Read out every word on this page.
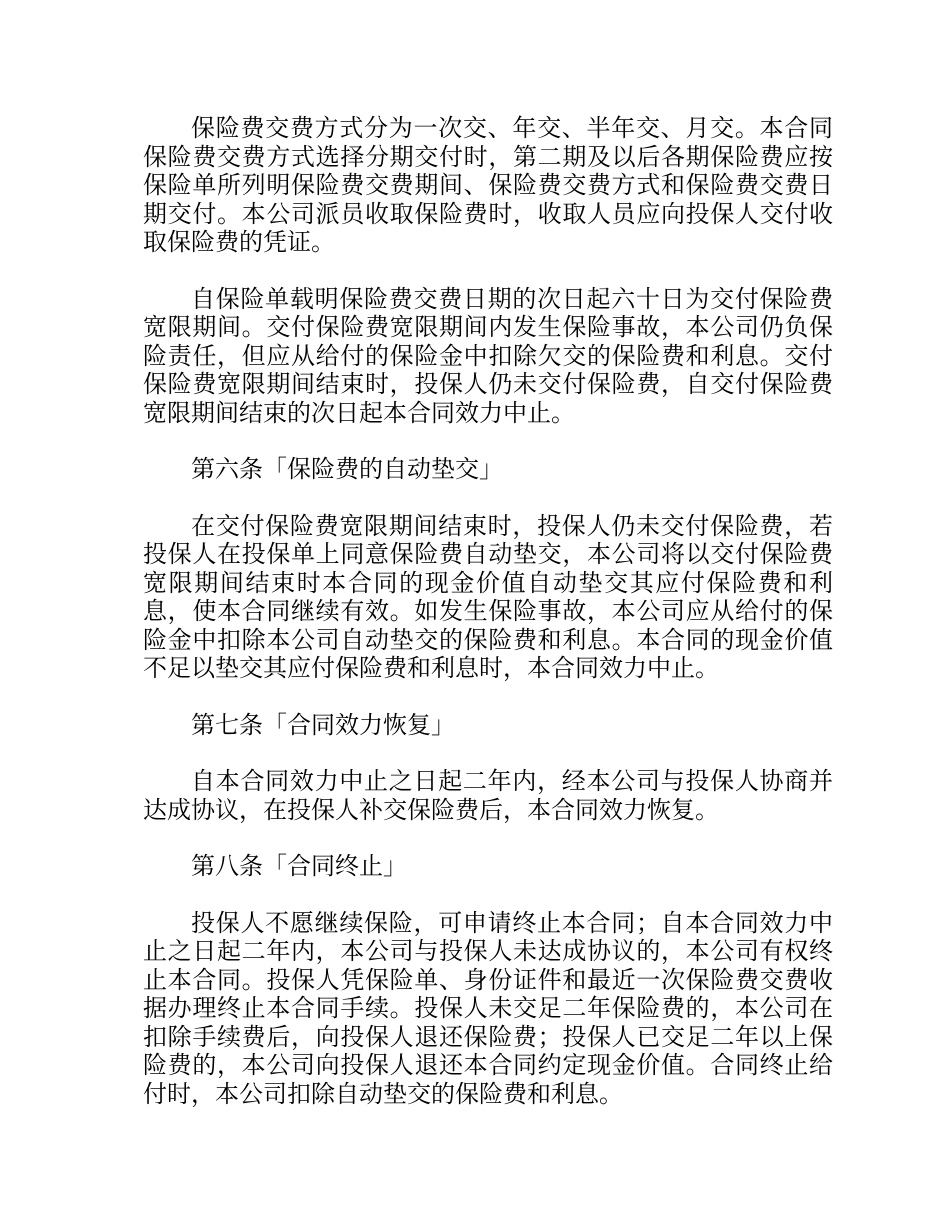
保险费交费方式分为一次交、年交、半年交、月交。本合同保险费交费方式选择分期交付时，第二期及以后各期保险费应按保险单所列明保险费交费期间、保险费交费方式和保险费交费日期交付。本公司派员收取保险费时，收取人员应向投保人交付收取保险费的凭证。

自保险单载明保险费交费日期的次日起六十日为交付保险费宽限期间。交付保险费宽限期间内发生保险事故，本公司仍负保险责任，但应从给付的保险金中扣除欠交的保险费和利息。交付保险费宽限期间结束时，投保人仍未交付保险费，自交付保险费宽限期间结束的次日起本合同效力中止。

第六条「保险费的自动垫交」

在交付保险费宽限期间结束时，投保人仍未交付保险费，若投保人在投保单上同意保险费自动垫交，本公司将以交付保险费宽限期间结束时本合同的现金价值自动垫交其应付保险费和利息，使本合同继续有效。如发生保险事故，本公司应从给付的保险金中扣除本公司自动垫交的保险费和利息。本合同的现金价值不足以垫交其应付保险费和利息时，本合同效力中止。

第七条「合同效力恢复」

自本合同效力中止之日起二年内，经本公司与投保人协商并达成协议，在投保人补交保险费后，本合同效力恢复。

第八条「合同终止」

投保人不愿继续保险，可申请终止本合同；自本合同效力中止之日起二年内，本公司与投保人未达成协议的，本公司有权终止本合同。投保人凭保险单、身份证件和最近一次保险费交费收据办理终止本合同手续。投保人未交足二年保险费的，本公司在扣除手续费后，向投保人退还保险费；投保人已交足二年以上保险费的，本公司向投保人退还本合同约定现金价值。合同终止给付时，本公司扣除自动垫交的保险费和利息。
